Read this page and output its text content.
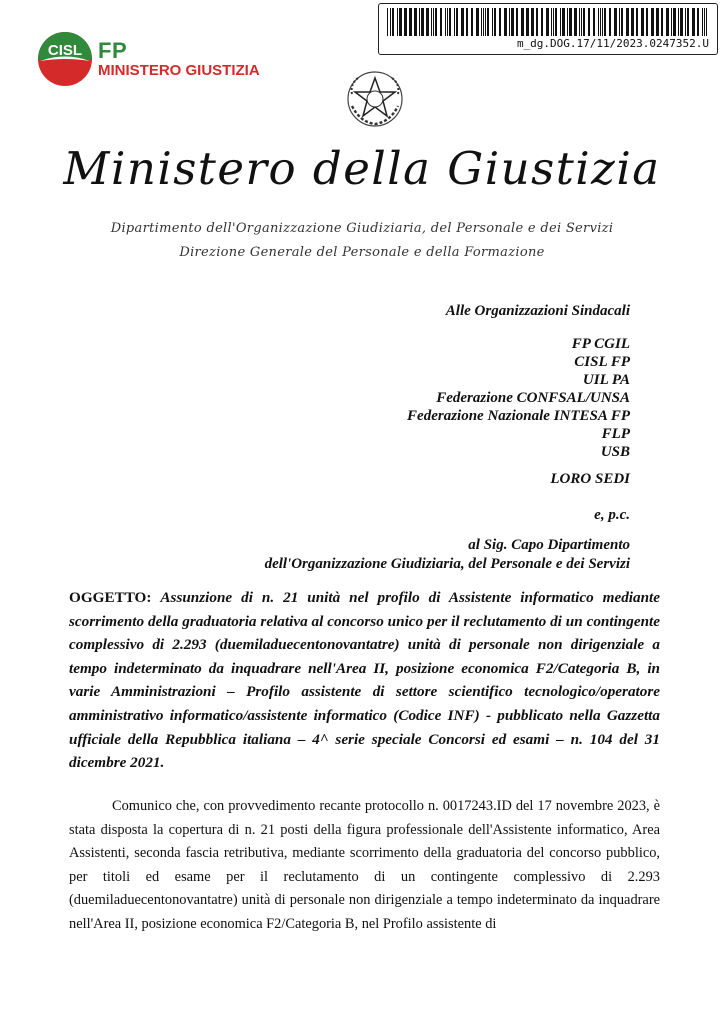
CISL FP
MINISTERO GIUSTIZIA
m_dg.DOG.17/11/2023.0247352.U
Ministero della Giustizia
Dipartimento dell'Organizzazione Giudiziaria, del Personale e dei Servizi
Direzione Generale del Personale e della Formazione
Alle Organizzazioni Sindacali
FP CGIL
CISL FP
UIL PA
Federazione CONFSAL/UNSA
Federazione Nazionale INTESA FP
FLP
USB
LORO SEDI
e, p.c.
al Sig. Capo Dipartimento
dell'Organizzazione Giudiziaria, del Personale e dei Servizi
OGGETTO: Assunzione di n. 21 unità nel profilo di Assistente informatico mediante scorrimento della graduatoria relativa al concorso unico per il reclutamento di un contingente complessivo di 2.293 (duemiladuecentonovantatre) unità di personale non dirigenziale a tempo indeterminato da inquadrare nell'Area II, posizione economica F2/Categoria B, in varie Amministrazioni – Profilo assistente di settore scientifico tecnologico/operatore amministrativo informatico/assistente informatico (Codice INF) - pubblicato nella Gazzetta ufficiale della Repubblica italiana – 4^ serie speciale Concorsi ed esami – n. 104 del 31 dicembre 2021.
Comunico che, con provvedimento recante protocollo n. 0017243.ID del 17 novembre 2023, è stata disposta la copertura di n. 21 posti della figura professionale dell'Assistente informatico, Area Assistenti, seconda fascia retributiva, mediante scorrimento della graduatoria del concorso pubblico, per titoli ed esame per il reclutamento di un contingente complessivo di 2.293 (duemiladuecentonovantatre) unità di personale non dirigenziale a tempo indeterminato da inquadrare nell'Area II, posizione economica F2/Categoria B, nel Profilo assistente di
